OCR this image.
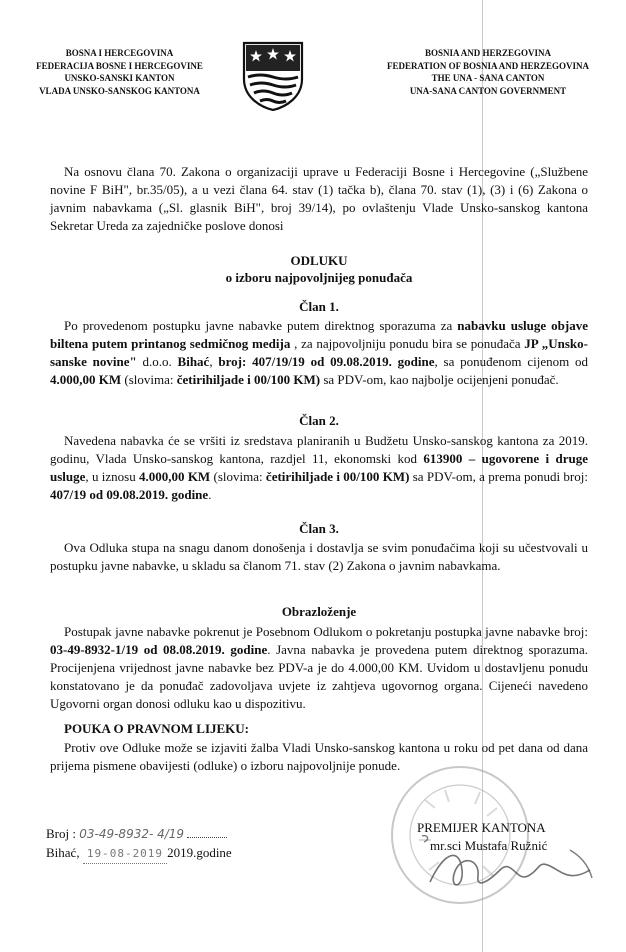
BOSNA I HERCEGOVINA
FEDERACIJA BOSNE I HERCEGOVINE
UNSKO-SANSKI KANTON
VLADA UNSKO-SANSKOG KANTONA
BOSNIA AND HERZEGOVINA
FEDERATION OF BOSNIA AND HERZEGOVINA
THE UNA - SANA CANTON
UNA-SANA CANTON GOVERNMENT
Na osnovu člana 70. Zakona o organizaciji uprave u Federaciji Bosne i Hercegovine („Službene novine F BiH", br.35/05), a u vezi člana 64. stav (1) tačka b), člana 70. stav (1), (3) i (6) Zakona o javnim nabavkama („Sl. glasnik BiH", broj 39/14), po ovlaštenju Vlade Unsko-sanskog kantona Sekretar Ureda za zajedničke poslove donosi
ODLUKU
o izboru najpovoljnijeg ponuđača
Član 1.
Po provedenom postupku javne nabavke putem direktnog sporazuma za nabavku usluge objave biltena putem printanog sedmičnog medija , za najpovoljniju ponudu bira se ponuđača JP „Unsko-sanske novine" d.o.o. Bihać, broj: 407/19/19 od 09.08.2019. godine, sa ponuđenom cijenom od 4.000,00 KM (slovima: četirihiljade i 00/100 KM) sa PDV-om, kao najbolje ocijenjeni ponuđač.
Član 2.
Navedena nabavka će se vršiti iz sredstava planiranih u Budžetu Unsko-sanskog kantona za 2019. godinu, Vlada Unsko-sanskog kantona, razdjel 11, ekonomski kod 613900 – ugovorene i druge usluge, u iznosu 4.000,00 KM (slovima: četirihiljade i 00/100 KM) sa PDV-om, a prema ponudi broj: 407/19 od 09.08.2019. godine.
Član 3.
Ova Odluka stupa na snagu danom donošenja i dostavlja se svim ponuđačima koji su učestvovali u postupku javne nabavke, u skladu sa članom 71. stav (2) Zakona o javnim nabavkama.
Obrazloženje
Postupak javne nabavke pokrenut je Posebnom Odlukom o pokretanju postupka javne nabavke broj: 03-49-8932-1/19 od 08.08.2019. godine. Javna nabavka je provedena putem direktnog sporazuma. Procijenjena vrijednost javne nabavke bez PDV-a je do 4.000,00 KM. Uvidom u dostavljenu ponudu konstatovano je da ponuđač zadovoljava uvjete iz zahtjeva ugovornog organa. Cijeneći navedeno Ugovorni organ donosi odluku kao u dispozitivu.
POUKA O PRAVNOM LIJEKU:
Protiv ove Odluke može se izjaviti žalba Vladi Unsko-sanskog kantona u roku od pet dana od dana prijema pismene obavijesti (odluke) o izboru najpovoljnije ponude.
Broj : 03-49-8932- 4/19
Bihać, 19-08-2019 2019.godine
PREMIJER KANTONA
mr.sci Mustafa Ružnić
